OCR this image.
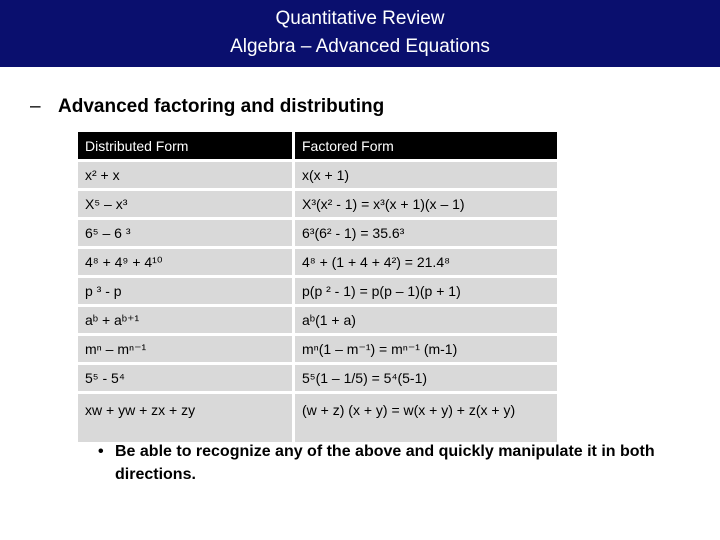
Quantitative Review
Algebra – Advanced Equations
– Advanced factoring and distributing
Distributed Form	Factored Form
x² + x	x(x + 1)
X⁵ – x³	X³(x² - 1) = x³(x + 1)(x – 1)
6⁵ – 6 ³	6³(6² - 1) = 35.6³
4⁸ + 4⁹ + 4¹⁰	4⁸ + (1 + 4 + 4²) = 21.4⁸
p ³ - p	p(p ² - 1) = p(p – 1)(p + 1)
aᵇ + aᵇ⁺¹	aᵇ(1 + a)
mⁿ – mⁿ⁻¹	mⁿ(1 – m⁻¹) = mⁿ⁻¹ (m-1)
5⁵ - 5⁴	5⁵(1 – 1/5) = 5⁴(5-1)
xw + yw + zx + zy	(w + z) (x + y) = w(x + y) + z(x + y)
• Be able to recognize any of the above and quickly manipulate it in both directions.
